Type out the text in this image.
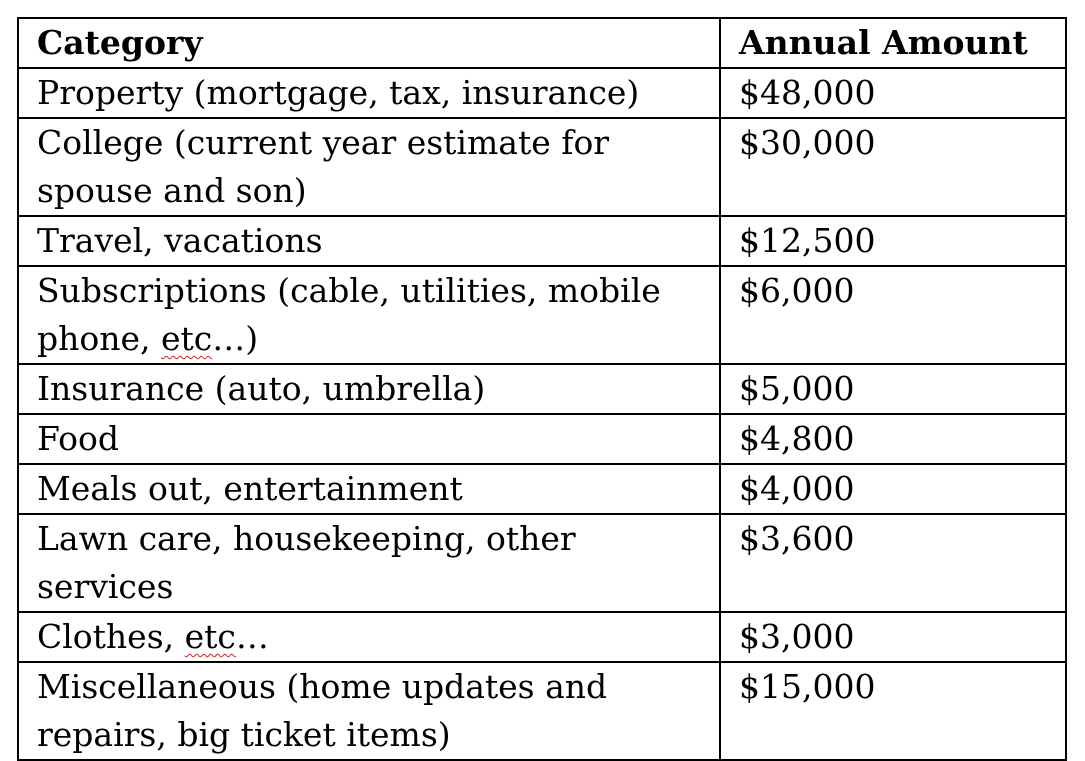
Category	Annual Amount
Property (mortgage, tax, insurance)	$48,000
College (current year estimate for spouse and son)	$30,000
Travel, vacations	$12,500
Subscriptions (cable, utilities, mobile phone, etc…)	$6,000
Insurance (auto, umbrella)	$5,000
Food	$4,800
Meals out, entertainment	$4,000
Lawn care, housekeeping, other services	$3,600
Clothes, etc…	$3,000
Miscellaneous (home updates and repairs, big ticket items)	$15,000
